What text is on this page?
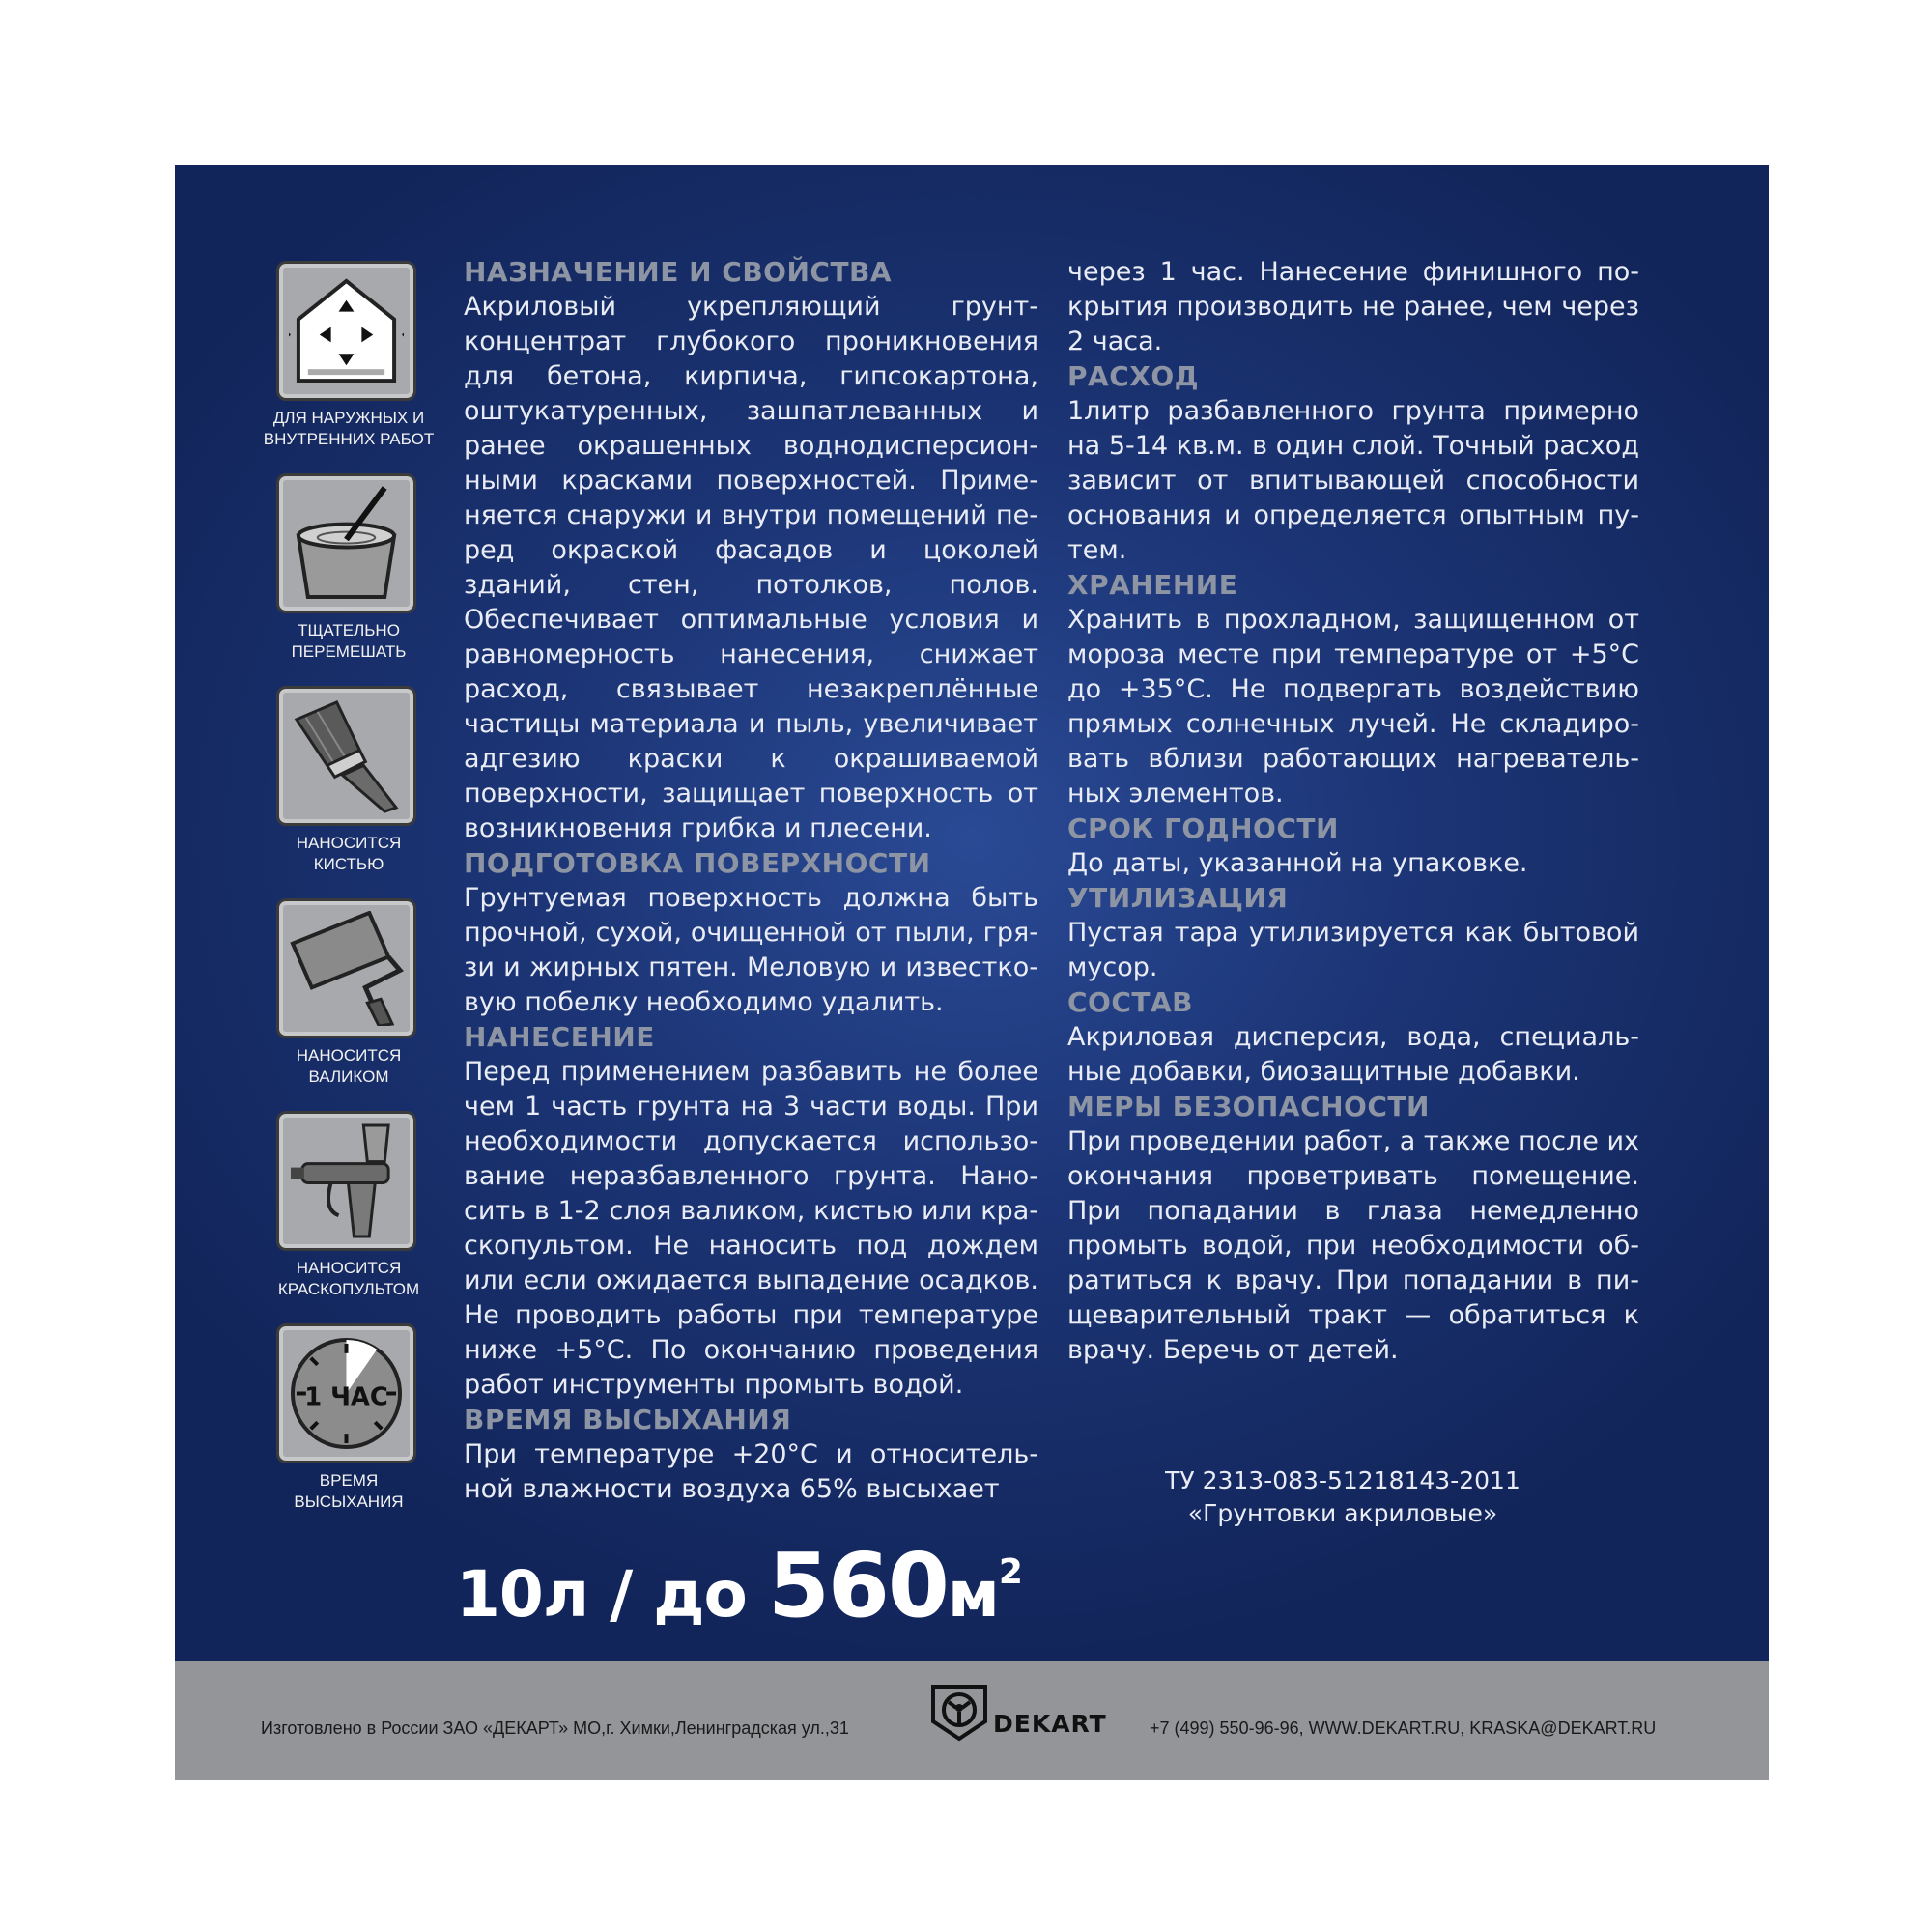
ДЛЯ НАРУЖНЫХ И
ВНУТРЕННИХ РАБОТ
ТЩАТЕЛЬНО
ПЕРЕМЕШАТЬ
НАНОСИТСЯ
КИСТЬЮ
НАНОСИТСЯ
ВАЛИКОМ
НАНОСИТСЯ
КРАСКОПУЛЬТОМ
1 ЧАС
ВРЕМЯ
ВЫСЫХАНИЯ
НАЗНАЧЕНИЕ И СВОЙСТВА
Акриловый укрепляющий грунт-концентрат глубокого проникновения для бетона, кирпича, гипсокартона, оштукатуренных, зашпатлеванных и ранее окрашенных воднодисперсионными красками поверхностей. Применяется снаружи и внутри помещений перед окраской фасадов и цоколей зданий, стен, потолков, полов. Обеспечивает оптимальные условия и равномерность нанесения, снижает расход, связывает незакреплённые частицы материала и пыль, увеличивает адгезию краски к окрашиваемой поверхности, защищает поверхность от возникновения грибка и плесени.
ПОДГОТОВКА ПОВЕРХНОСТИ
Грунтуемая поверхность должна быть прочной, сухой, очищенной от пыли, грязи и жирных пятен. Меловую и известковую побелку необходимо удалить.
НАНЕСЕНИЕ
Перед применением разбавить не более чем 1 часть грунта на 3 части воды. При необходимости допускается использование неразбавленного грунта. Наносить в 1-2 слоя валиком, кистью или краскопультом. Не наносить под дождем или если ожидается выпадение осадков. Не проводить работы при температуре ниже +5°С. По окончанию проведения работ инструменты промыть водой.
ВРЕМЯ ВЫСЫХАНИЯ
При температуре +20°С и относительной влажности воздуха 65% высыхает
через 1 час. Нанесение финишного покрытия производить не ранее, чем через 2 часа.
РАСХОД
1литр разбавленного грунта примерно на 5-14 кв.м. в один слой. Точный расход зависит от впитывающей способности основания и определяется опытным путем.
ХРАНЕНИЕ
Хранить в прохладном, защищенном от мороза месте при температуре от +5°С до +35°С. Не подвергать воздействию прямых солнечных лучей. Не складировать вблизи работающих нагревательных элементов.
СРОК ГОДНОСТИ
До даты, указанной на упаковке.
УТИЛИЗАЦИЯ
Пустая тара утилизируется как бытовой мусор.
СОСТАВ
Акриловая дисперсия, вода, специальные добавки, биозащитные добавки.
МЕРЫ БЕЗОПАСНОСТИ
При проведении работ, а также после их окончания проветривать помещение. При попадании в глаза немедленно промыть водой, при необходимости обратиться к врачу. При попадании в пищеварительный тракт — обратиться к врачу. Беречь от детей.
ТУ 2313-083-51218143-2011
«Грунтовки акриловые»
10л / до 560м2
Изготовлено в России ЗАО «ДЕКАРТ» МО,г. Химки,Ленинградская ул.,31	DEKART +7 (499) 550-96-96, WWW.DEKART.RU, KRASKA@DEKART.RU
